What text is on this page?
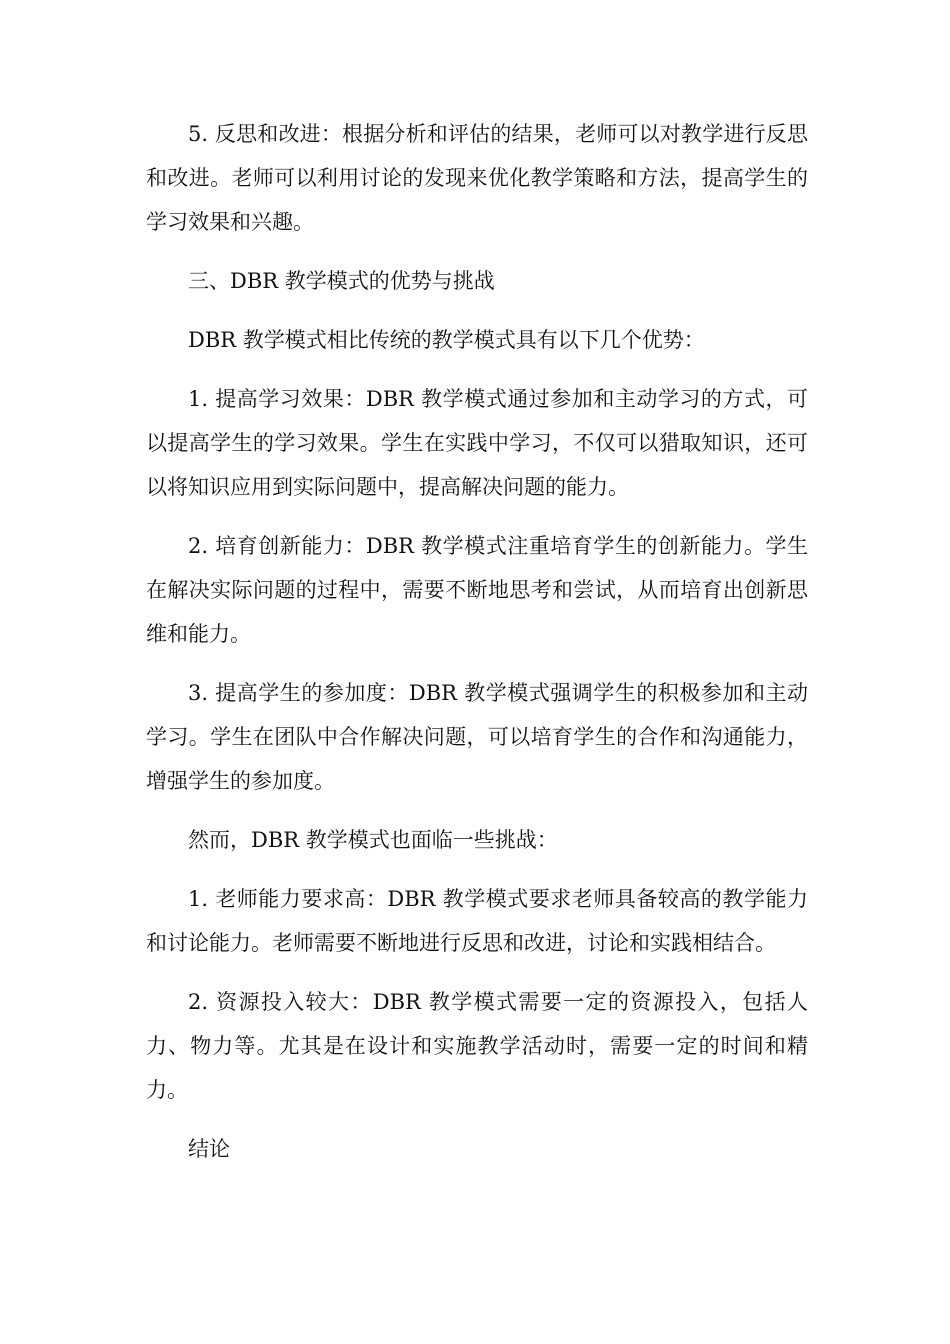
5. 反思和改进：根据分析和评估的结果，老师可以对教学进行反思和改进。老师可以利用讨论的发现来优化教学策略和方法，提高学生的学习效果和兴趣。

三、DBR 教学模式的优势与挑战

DBR 教学模式相比传统的教学模式具有以下几个优势：

1. 提高学习效果：DBR 教学模式通过参加和主动学习的方式，可以提高学生的学习效果。学生在实践中学习，不仅可以猎取知识，还可以将知识应用到实际问题中，提高解决问题的能力。

2. 培育创新能力：DBR 教学模式注重培育学生的创新能力。学生在解决实际问题的过程中，需要不断地思考和尝试，从而培育出创新思维和能力。

3. 提高学生的参加度：DBR 教学模式强调学生的积极参加和主动学习。学生在团队中合作解决问题，可以培育学生的合作和沟通能力，增强学生的参加度。

然而，DBR 教学模式也面临一些挑战：

1. 老师能力要求高：DBR 教学模式要求老师具备较高的教学能力和讨论能力。老师需要不断地进行反思和改进，讨论和实践相结合。

2. 资源投入较大：DBR 教学模式需要一定的资源投入，包括人力、物力等。尤其是在设计和实施教学活动时，需要一定的时间和精力。

结论
